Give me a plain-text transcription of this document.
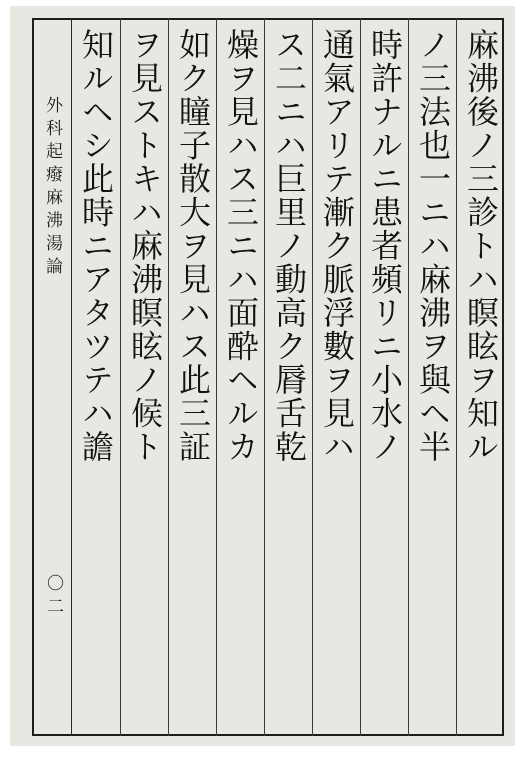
外科起癈麻沸湯論
〇二
麻沸後ノ三診トハ瞑眩ヲ知ル
ノ三法也一ニハ麻沸ヲ與ヘ半
時許ナルニ患者頻リニ小水ノ
通氣アリテ漸ク脈浮數ヲ見ハ
ス二ニハ巨里ノ動高ク脣舌乾
燥ヲ見ハス三ニハ面酔ヘルカ
如ク瞳子散大ヲ見ハス此三証
ヲ見ストキハ麻沸瞑眩ノ候ト
知ルヘシ此時ニアタツテハ譫
